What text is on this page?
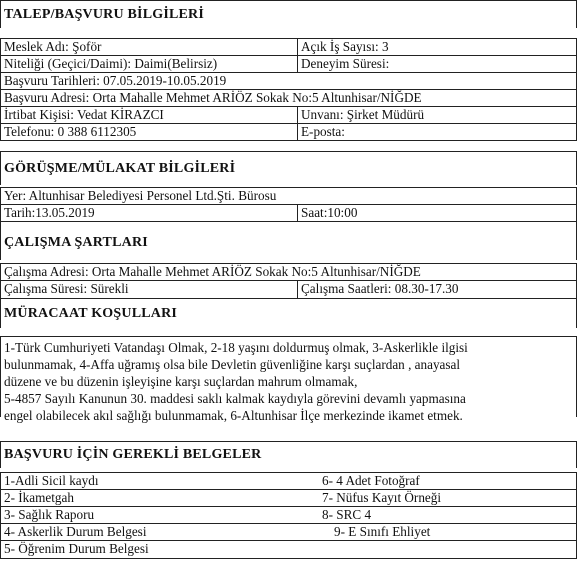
TALEP/BAŞVURU BİLGİLERİ
Meslek Adı: Şoför	Açık İş Sayısı: 3
Niteliği (Geçici/Daimi): Daimi(Belirsiz)	Deneyim Süresi:
Başvuru Tarihleri: 07.05.2019-10.05.2019
Başvuru Adresi: Orta Mahalle Mehmet ARİÖZ Sokak No:5 Altunhisar/NİĞDE
İrtibat Kişisi: Vedat KİRAZCI	Unvanı: Şirket Müdürü
Telefonu: 0 388 6112305	E-posta:
GÖRÜŞME/MÜLAKAT BİLGİLERİ
Yer: Altunhisar Belediyesi Personel Ltd.Şti. Bürosu
Tarih:13.05.2019	Saat:10:00
ÇALIŞMA ŞARTLARI
Çalışma Adresi: Orta Mahalle Mehmet ARİÖZ Sokak No:5 Altunhisar/NİĞDE
Çalışma Süresi: Sürekli	Çalışma Saatleri: 08.30-17.30
MÜRACAAT KOŞULLARI
1-Türk Cumhuriyeti Vatandaşı Olmak, 2-18 yaşını doldurmuş olmak, 3-Askerlikle ilgisi
bulunmamak, 4-Affa uğramış olsa bile Devletin güvenliğine karşı suçlardan , anayasal
düzene ve bu düzenin işleyişine karşı suçlardan mahrum olmamak,
5-4857 Sayılı Kanunun 30. maddesi saklı kalmak kaydıyla görevini devamlı yapmasına
engel olabilecek akıl sağlığı bulunmamak, 6-Altunhisar İlçe merkezinde ikamet etmek.
BAŞVURU İÇİN GEREKLİ BELGELER
1-Adli Sicil kaydı	6- 4 Adet Fotoğraf
2- İkametgah	7- Nüfus Kayıt Örneği
3- Sağlık Raporu	8- SRC 4
4- Askerlik Durum Belgesi	9- E Sınıfı Ehliyet
5- Öğrenim Durum Belgesi
